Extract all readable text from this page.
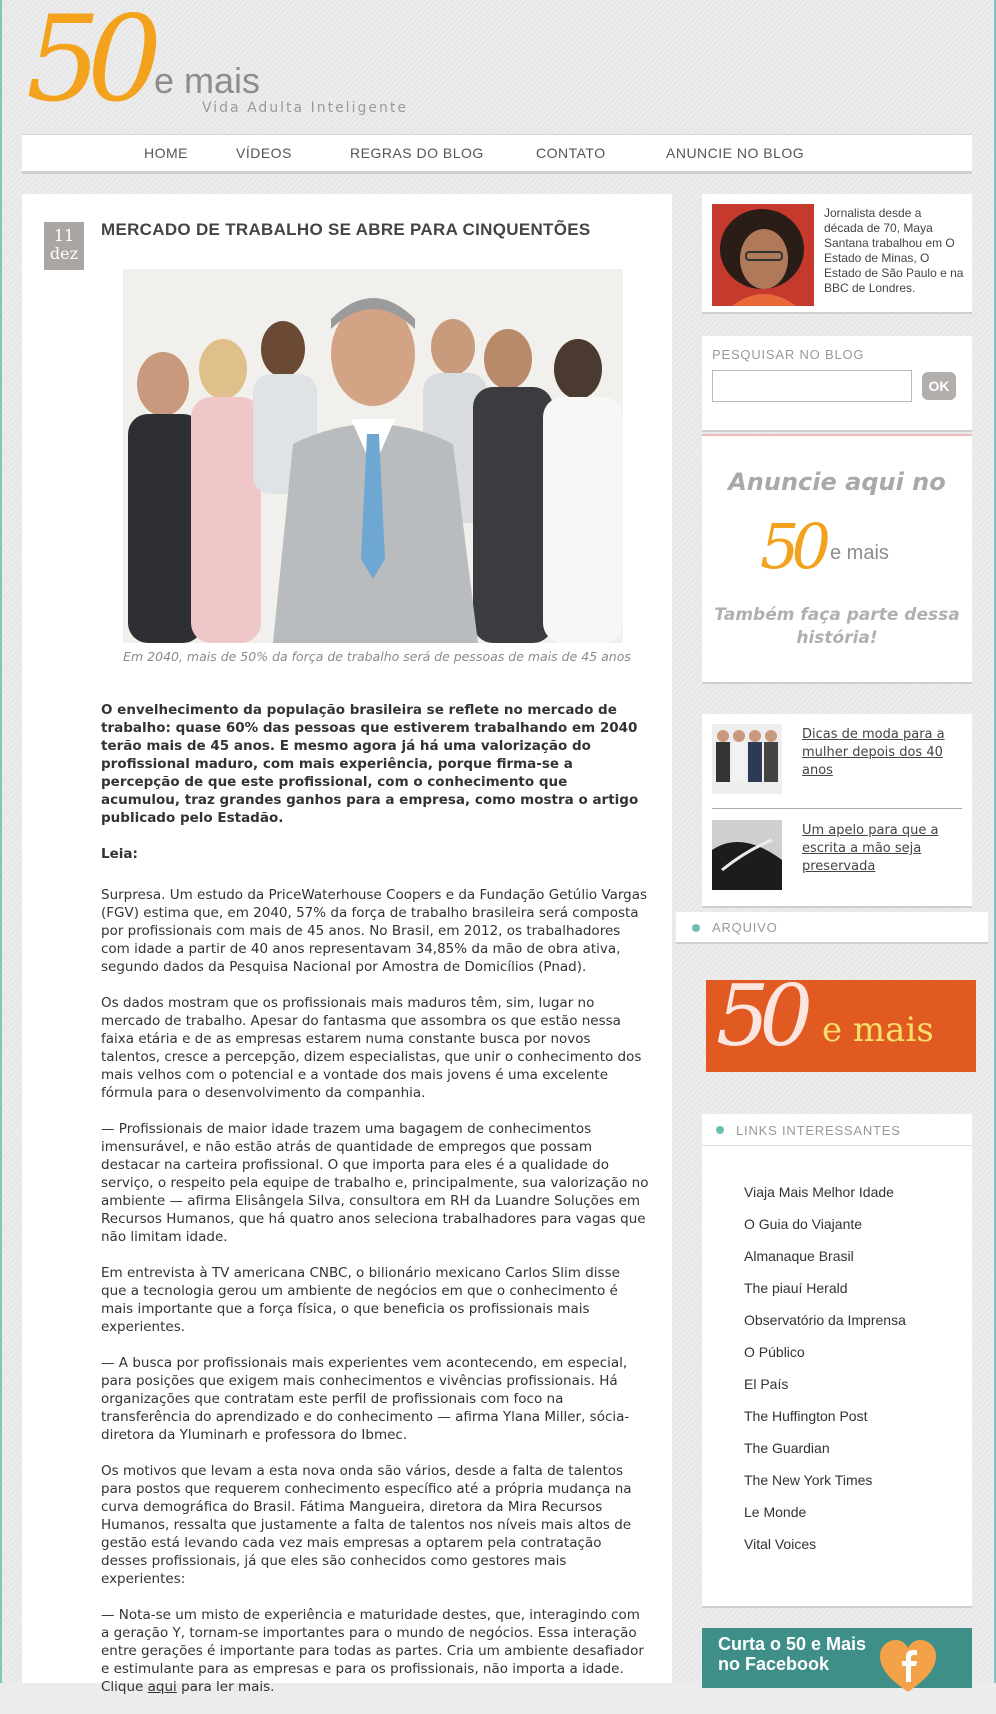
50 e mais
Vida Adulta Inteligente
HOME	VÍDEOS	REGRAS DO BLOG	CONTATO	ANUNCIE NO BLOG
11
dez
MERCADO DE TRABALHO SE ABRE PARA CINQUENTÕES

Em 2040, mais de 50% da força de trabalho será de pessoas de mais de 45 anos

O envelhecimento da população brasileira se reflete no mercado de trabalho: quase 60% das pessoas que estiverem trabalhando em 2040 terão mais de 45 anos. E mesmo agora já há uma valorização do profissional maduro, com mais experiência, porque firma-se a percepção de que este profissional, com o conhecimento que acumulou, traz grandes ganhos para a empresa, como mostra o artigo publicado pelo Estadão.

Leia:

Surpresa. Um estudo da PriceWaterhouse Coopers e da Fundação Getúlio Vargas (FGV) estima que, em 2040, 57% da força de trabalho brasileira será composta por profissionais com mais de 45 anos. No Brasil, em 2012, os trabalhadores com idade a partir de 40 anos representavam 34,85% da mão de obra ativa, segundo dados da Pesquisa Nacional por Amostra de Domicílios (Pnad).

Os dados mostram que os profissionais mais maduros têm, sim, lugar no mercado de trabalho. Apesar do fantasma que assombra os que estão nessa faixa etária e de as empresas estarem numa constante busca por novos talentos, cresce a percepção, dizem especialistas, que unir o conhecimento dos mais velhos com o potencial e a vontade dos mais jovens é uma excelente fórmula para o desenvolvimento da companhia.

— Profissionais de maior idade trazem uma bagagem de conhecimentos imensurável, e não estão atrás de quantidade de empregos que possam destacar na carteira profissional. O que importa para eles é a qualidade do serviço, o respeito pela equipe de trabalho e, principalmente, sua valorização no ambiente — afirma Elisângela Silva, consultora em RH da Luandre Soluções em Recursos Humanos, que há quatro anos seleciona trabalhadores para vagas que não limitam idade.

Em entrevista à TV americana CNBC, o bilionário mexicano Carlos Slim disse que a tecnologia gerou um ambiente de negócios em que o conhecimento é mais importante que a força física, o que beneficia os profissionais mais experientes.

— A busca por profissionais mais experientes vem acontecendo, em especial, para posições que exigem mais conhecimentos e vivências profissionais. Há organizações que contratam este perfil de profissionais com foco na transferência do aprendizado e do conhecimento — afirma Ylana Miller, sócia-diretora da Yluminarh e professora do Ibmec.

Os motivos que levam a esta nova onda são vários, desde a falta de talentos para postos que requerem conhecimento específico até a própria mudança na curva demográfica do Brasil. Fátima Mangueira, diretora da Mira Recursos Humanos, ressalta que justamente a falta de talentos nos níveis mais altos de gestão está levando cada vez mais empresas a optarem pela contratação desses profissionais, já que eles são conhecidos como gestores mais experientes:

— Nota-se um misto de experiência e maturidade destes, que, interagindo com a geração Y, tornam-se importantes para o mundo de negócios. Essa interação entre gerações é importante para todas as partes. Cria um ambiente desafiador e estimulante para as empresas e para os profissionais, não importa a idade. Clique aqui para ler mais.

Jornalista desde a década de 70, Maya Santana trabalhou em O Estado de Minas, O Estado de São Paulo e na BBC de Londres.

PESQUISAR NO BLOG
OK
Anuncie aqui no
50 e mais
Também faça parte dessa história!
Dicas de moda para a mulher depois dos 40 anos
Um apelo para que a escrita a mão seja preservada
ARQUIVO
50 e mais
LINKS INTERESSANTES
Viaja Mais Melhor Idade
O Guia do Viajante
Almanaque Brasil
The piauí Herald
Observatório da Imprensa
O Público
El País
The Huffington Post
The Guardian
The New York Times
Le Monde
Vital Voices
Curta o 50 e Mais no Facebook
